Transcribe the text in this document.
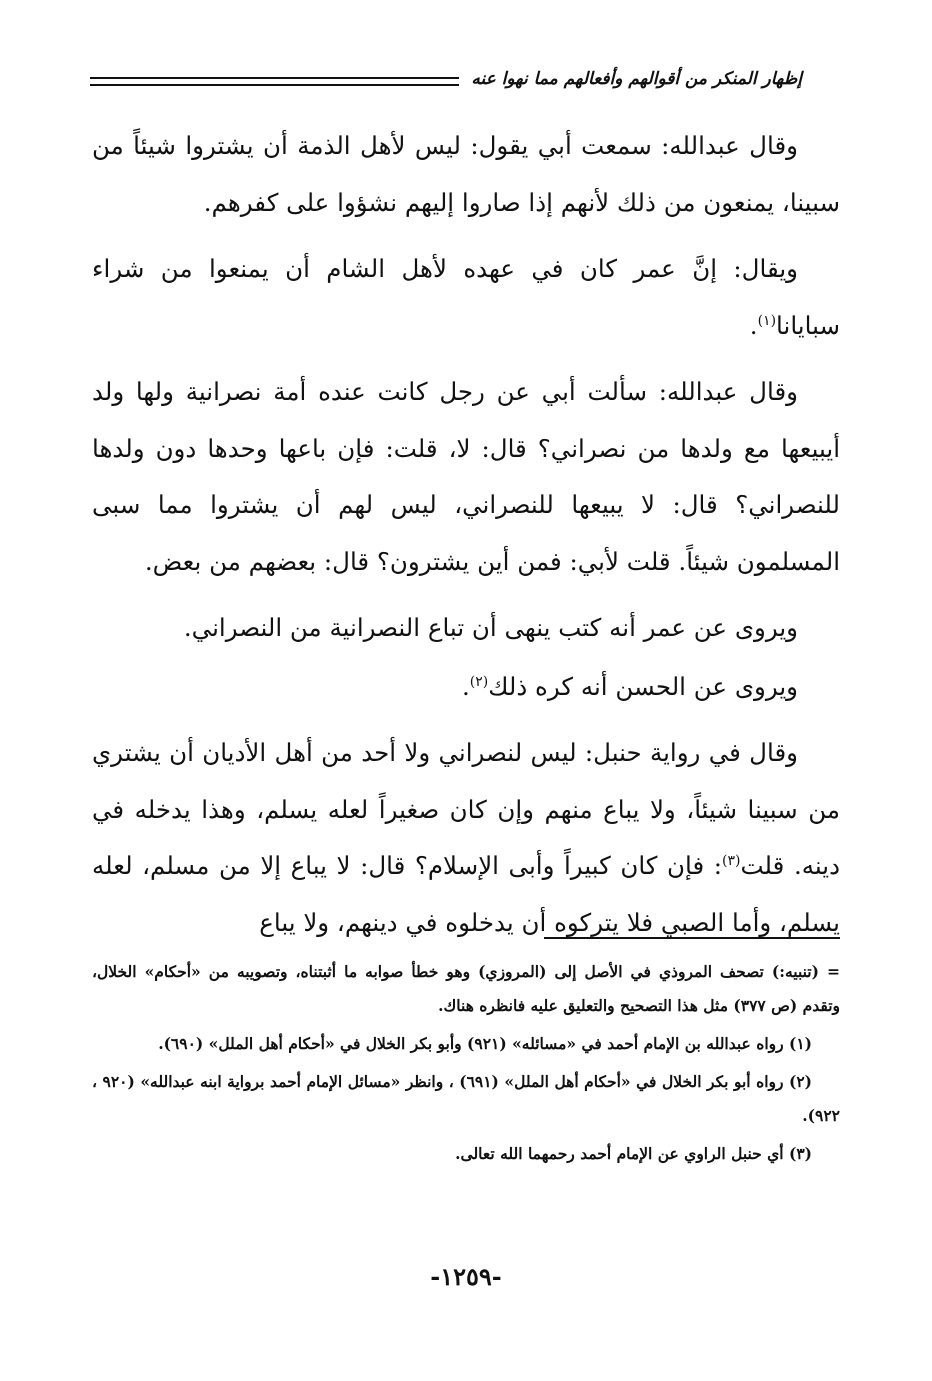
إظهار المنكر من أقوالهم وأفعالهم مما نهوا عنه

وقال عبدالله: سمعت أبي يقول: ليس لأهل الذمة أن يشتروا شيئاً من سبينا، يمنعون من ذلك لأنهم إذا صاروا إليهم نشؤوا على كفرهم.

ويقال: إنَّ عمر كان في عهده لأهل الشام أن يمنعوا من شراء سبايانا$^{(١)}$.

وقال عبدالله: سألت أبي عن رجل كانت عنده أمة نصرانية ولها ولد أيبيعها مع ولدها من نصراني؟ قال: لا، قلت: فإن باعها وحدها دون ولدها للنصراني؟ قال: لا يبيعها للنصراني، ليس لهم أن يشتروا مما سبى المسلمون شيئاً. قلت لأبي: فمن أين يشترون؟ قال: بعضهم من بعض.

ويروى عن عمر أنه كتب ينهى أن تباع النصرانية من النصراني.

ويروى عن الحسن أنه كره ذلك$^{(٢)}$.

وقال في رواية حنبل: ليس لنصراني ولا أحد من أهل الأديان أن يشتري من سبينا شيئاً، ولا يباع منهم وإن كان صغيراً لعله يسلم، وهذا يدخله في دينه. قلت$^{(٣)}$: فإن كان كبيراً وأبى الإسلام؟ قال: لا يباع إلا من مسلم، لعله يسلم، وأما الصبي فلا يتركوه أن يدخلوه في دينهم، ولا يباع

= (تنبيه:) تصحف المروذي في الأصل إلى (المروزي) وهو خطأ صوابه ما أثبتناه، وتصويبه من «أحكام» الخلال، وتقدم (ص ٣٧٧) مثل هذا التصحيح والتعليق عليه فانظره هناك.

(١) رواه عبدالله بن الإمام أحمد في «مسائله» (٩٢١) وأبو بكر الخلال في «أحكام أهل الملل» (٦٩٠).

(٢) رواه أبو بكر الخلال في «أحكام أهل الملل» (٦٩١) ، وانظر «مسائل الإمام أحمد برواية ابنه عبدالله» (٩٢٠ ، ٩٢٢).

(٣) أي حنبل الراوي عن الإمام أحمد رحمهما الله تعالى.

-١٢٥٩-
